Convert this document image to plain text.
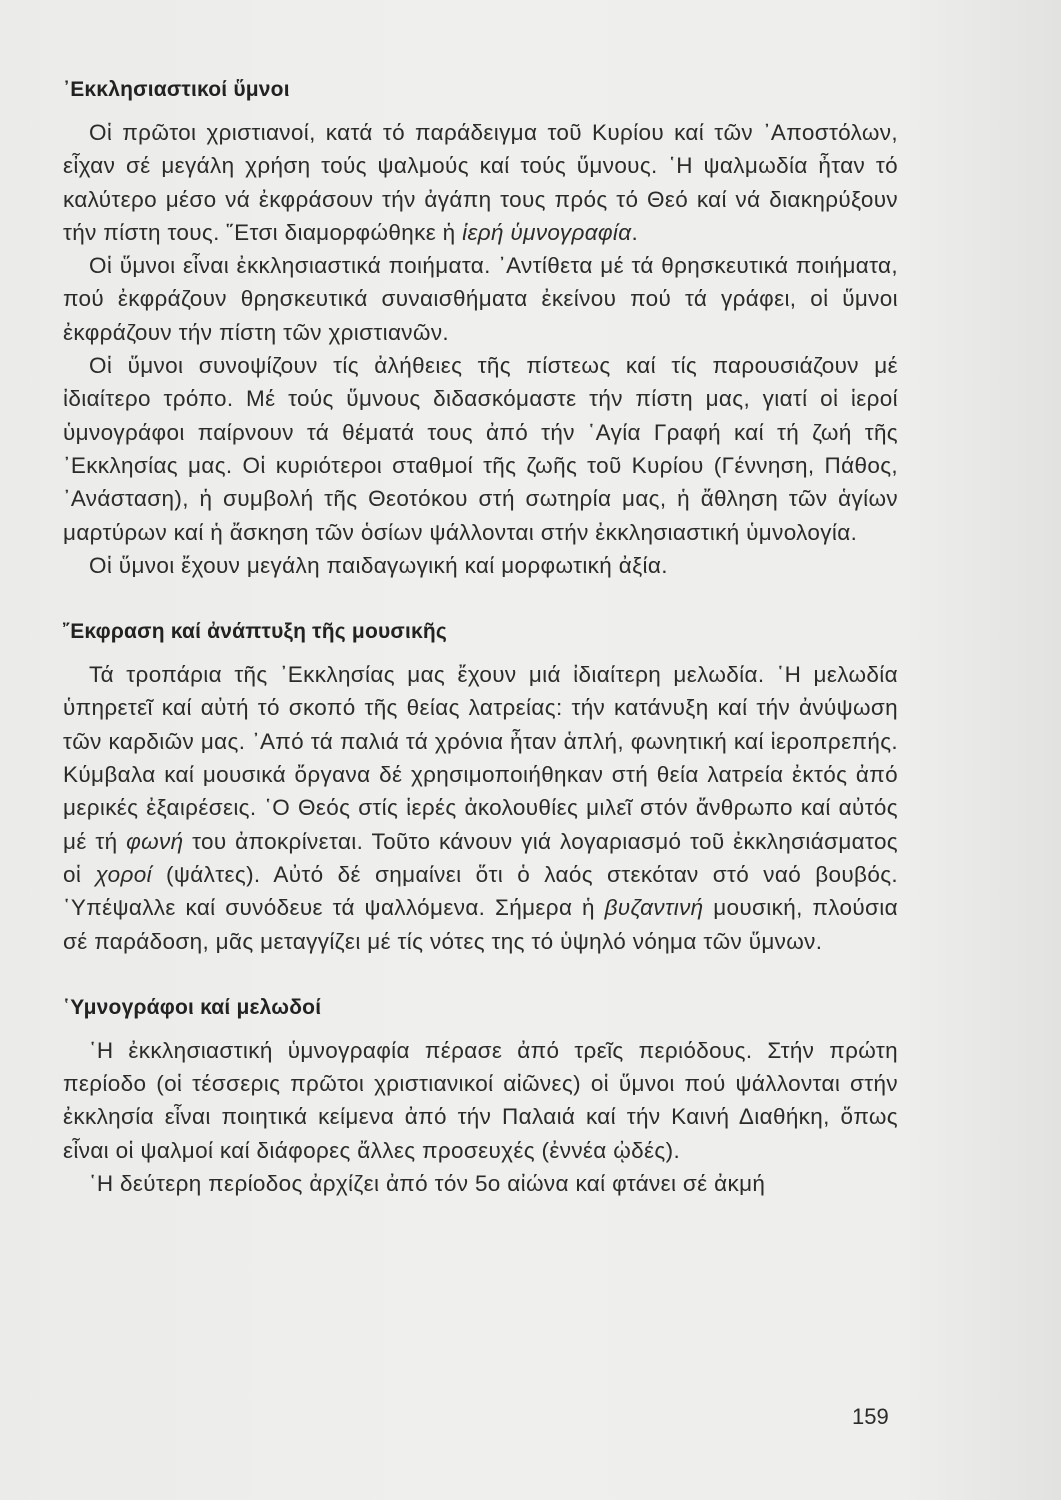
᾿Εκκλησιαστικοί ὕμνοι

Οἱ πρῶτοι χριστιανοί, κατά τό παράδειγμα τοῦ Κυρίου καί τῶν ᾿Αποστόλων, εἶχαν σέ μεγάλη χρήση τούς ψαλμούς καί τούς ὕμνους. ῾Η ψαλμωδία ἦταν τό καλύτερο μέσο νά ἐκφράσουν τήν ἀγάπη τους πρός τό Θεό καί νά διακηρύξουν τήν πίστη τους. ῞Ετσι διαμορφώθηκε ἡ ἱερή ὑμνογραφία.

Οἱ ὕμνοι εἶναι ἐκκλησιαστικά ποιήματα. ᾿Αντίθετα μέ τά θρησκευτικά ποιήματα, πού ἐκφράζουν θρησκευτικά συναισθήματα ἐκείνου πού τά γράφει, οἱ ὕμνοι ἐκφράζουν τήν πίστη τῶν χριστιανῶν.

Οἱ ὕμνοι συνοψίζουν τίς ἀλήθειες τῆς πίστεως καί τίς παρουσιάζουν μέ ἰδιαίτερο τρόπο. Μέ τούς ὕμνους διδασκόμαστε τήν πίστη μας, γιατί οἱ ἱεροί ὑμνογράφοι παίρνουν τά θέματά τους ἀπό τήν ῾Αγία Γραφή καί τή ζωή τῆς ᾿Εκκλησίας μας. Οἱ κυριότεροι σταθμοί τῆς ζωῆς τοῦ Κυρίου (Γέννηση, Πάθος, ᾿Ανάσταση), ἡ συμβολή τῆς Θεοτόκου στή σωτηρία μας, ἡ ἄθληση τῶν ἁγίων μαρτύρων καί ἡ ἄσκηση τῶν ὁσίων ψάλλονται στήν ἐκκλησιαστική ὑμνολογία.

Οἱ ὕμνοι ἔχουν μεγάλη παιδαγωγική καί μορφωτική ἀξία.

῎Εκφραση καί ἀνάπτυξη τῆς μουσικῆς

Τά τροπάρια τῆς ᾿Εκκλησίας μας ἔχουν μιά ἰδιαίτερη μελωδία. ῾Η μελωδία ὑπηρετεῖ καί αὐτή τό σκοπό τῆς θείας λατρείας: τήν κατάνυξη καί τήν ἀνύψωση τῶν καρδιῶν μας. ᾿Από τά παλιά τά χρόνια ἦταν ἁπλή, φωνητική καί ἱεροπρεπής. Κύμβαλα καί μουσικά ὄργανα δέ χρησιμοποιήθηκαν στή θεία λατρεία ἐκτός ἀπό μερικές ἐξαιρέσεις. ῾Ο Θεός στίς ἱερές ἀκολουθίες μιλεῖ στόν ἄνθρωπο καί αὐτός μέ τή φωνή του ἀποκρίνεται. Τοῦτο κάνουν γιά λογαριασμό τοῦ ἐκκλησιάσματος οἱ χοροί (ψάλτες). Αὐτό δέ σημαίνει ὅτι ὁ λαός στεκόταν στό ναό βουβός. ῾Υπέψαλλε καί συνόδευε τά ψαλλόμενα. Σήμερα ἡ βυζαντινή μουσική, πλούσια σέ παράδοση, μᾶς μεταγγίζει μέ τίς νότες της τό ὑψηλό νόημα τῶν ὕμνων.

῾Υμνογράφοι καί μελωδοί

῾Η ἐκκλησιαστική ὑμνογραφία πέρασε ἀπό τρεῖς περιόδους. Στήν πρώτη περίοδο (οἱ τέσσερις πρῶτοι χριστιανικοί αἰῶνες) οἱ ὕμνοι πού ψάλλονται στήν ἐκκλησία εἶναι ποιητικά κείμενα ἀπό τήν Παλαιά καί τήν Καινή Διαθήκη, ὅπως εἶναι οἱ ψαλμοί καί διάφορες ἄλλες προσευχές (ἐννέα ᾠδές).

῾Η δεύτερη περίοδος ἀρχίζει ἀπό τόν 5ο αἰώνα καί φτάνει σέ ἀκμή

159
